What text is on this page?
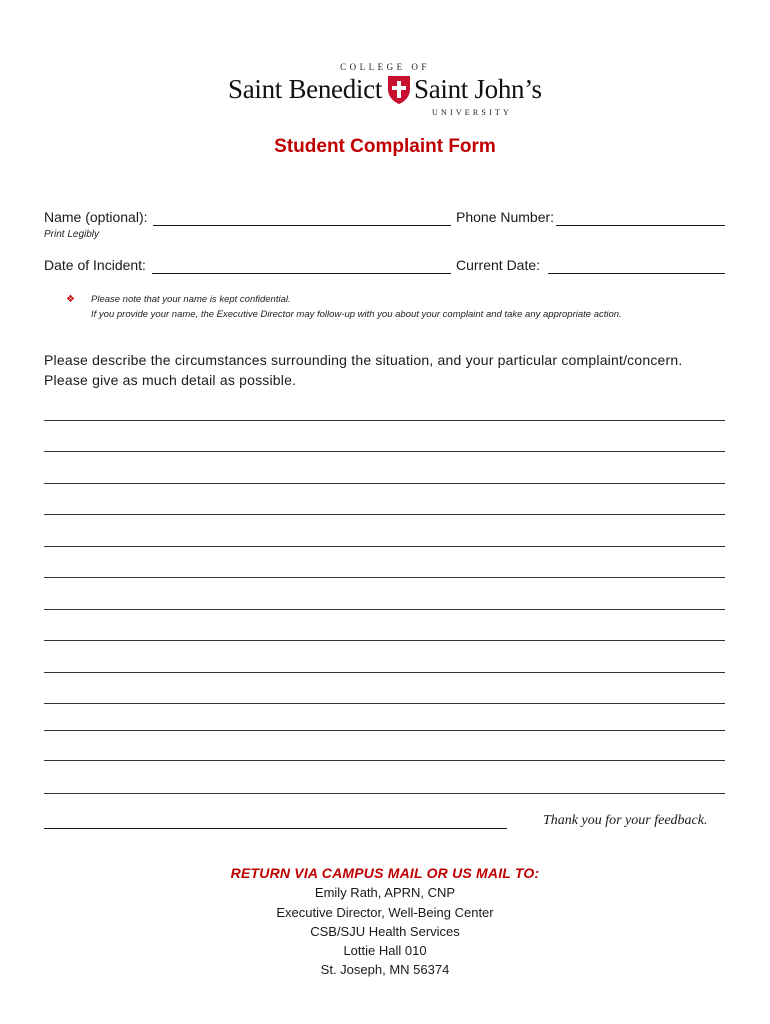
COLLEGE OF
Saint Benedict Saint John’s
UNIVERSITY
Student Complaint Form
Name (optional):	Phone Number:
Print Legibly
Date of Incident:	Current Date:
❖ Please note that your name is kept confidential.
If you provide your name, the Executive Director may follow-up with you about your complaint and take any appropriate action.
Please describe the circumstances surrounding the situation, and your particular complaint/concern.
Please give as much detail as possible.
Thank you for your feedback.
RETURN VIA CAMPUS MAIL OR US MAIL TO:
Emily Rath, APRN, CNP
Executive Director, Well-Being Center
CSB/SJU Health Services
Lottie Hall 010
St. Joseph, MN 56374
